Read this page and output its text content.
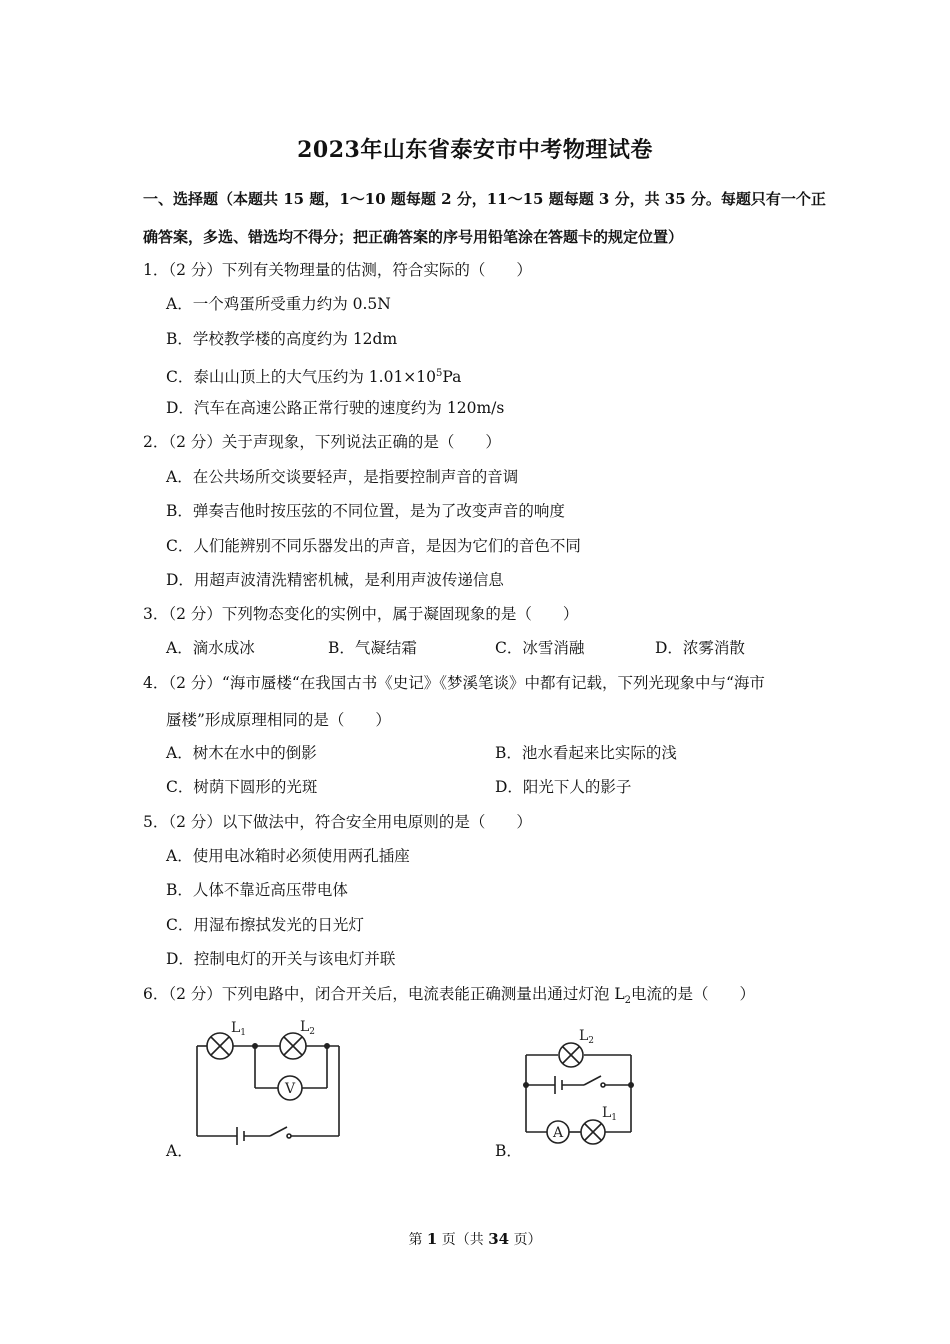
2023年山东省泰安市中考物理试卷
一、选择题（本题共 15 题，1～10 题每题 2 分，11～15 题每题 3 分，共 35 分。每题只有一个正
确答案，多选、错选均不得分；把正确答案的序号用铅笔涂在答题卡的规定位置）
1．（2 分）下列有关物理量的估测，符合实际的（　　）
A．一个鸡蛋所受重力约为 0.5N
B．学校教学楼的高度约为 12dm
C．泰山山顶上的大气压约为 $1.01\times 10^5Pa$
D．汽车在高速公路正常行驶的速度约为 120m/s
2．（2 分）关于声现象，下列说法正确的是（　　）
A．在公共场所交谈要轻声，是指要控制声音的音调
B．弹奏吉他时按压弦的不同位置，是为了改变声音的响度
C．人们能辨别不同乐器发出的声音，是因为它们的音色不同
D．用超声波清洗精密机械，是利用声波传递信息
3．（2 分）下列物态变化的实例中，属于凝固现象的是（　　）
A．滴水成冰	B．气凝结霜	C．冰雪消融	D．浓雾消散
4．（2 分）“海市蜃楼“在我国古书《史记》《梦溪笔谈》中都有记载，下列光现象中与“海市
蜃楼”形成原理相同的是（　　）
A．树木在水中的倒影	B．池水看起来比实际的浅
C．树荫下圆形的光斑	D．阳光下人的影子
5．（2 分）以下做法中，符合安全用电原则的是（　　）
A．使用电冰箱时必须使用两孔插座
B．人体不靠近高压带电体
C．用湿布擦拭发光的日光灯
D．控制电灯的开关与该电灯并联
6．（2 分）下列电路中，闭合开关后，电流表能正确测量出通过灯泡 $L_2$电流的是（　　）
$L_1$	$L_2$
V
A．
$L_2$
A
$L_1$
B．
第 1 页（共 34 页）
